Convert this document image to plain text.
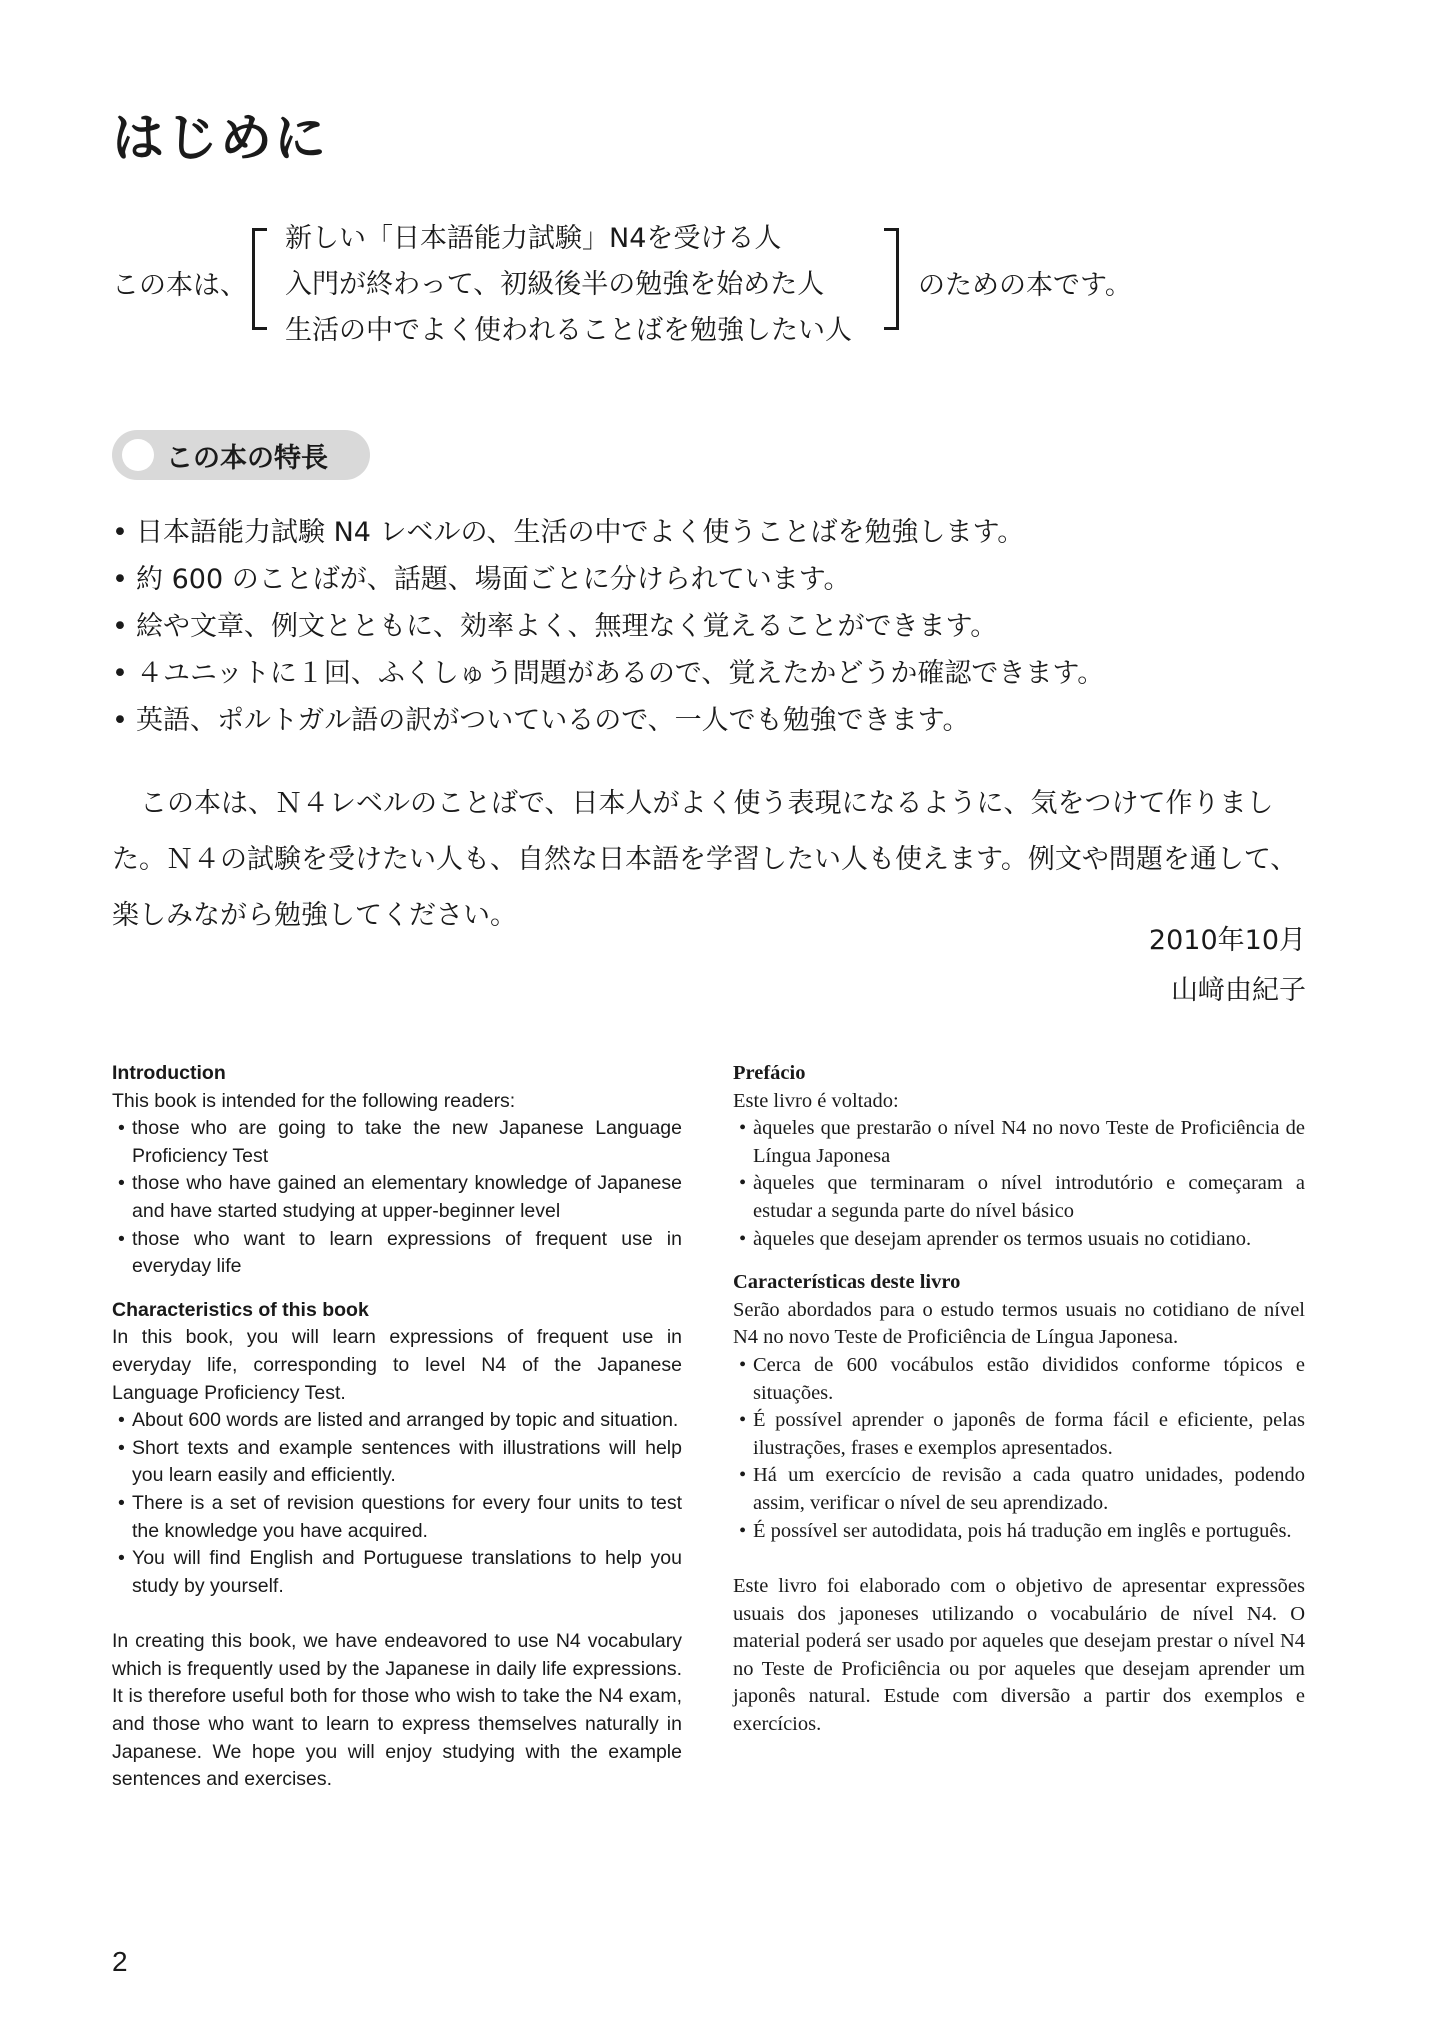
はじめに
この本は、
新しい「日本語能力試験」N4を受ける人
入門が終わって、初級後半の勉強を始めた人
生活の中でよく使われることばを勉強したい人
のための本です。
この本の特長
• 日本語能力試験 N4 レベルの、生活の中でよく使うことばを勉強します。
• 約 600 のことばが、話題、場面ごとに分けられています。
• 絵や文章、例文とともに、効率よく、無理なく覚えることができます。
• ４ユニットに１回、ふくしゅう問題があるので、覚えたかどうか確認できます。
• 英語、ポルトガル語の訳がついているので、一人でも勉強できます。
この本は、Ｎ４レベルのことばで、日本人がよく使う表現になるように、気をつけて作りました。Ｎ４の試験を受けたい人も、自然な日本語を学習したい人も使えます。例文や問題を通して、楽しみながら勉強してください。
2010年10月
山﨑由紀子
Introduction

This book is intended for the following readers:

• those who are going to take the new Japanese Language Proficiency Test
• those who have gained an elementary knowledge of Japanese and have started studying at upper-beginner level
• those who want to learn expressions of frequent use in everyday life
Characteristics of this book

In this book, you will learn expressions of frequent use in everyday life, corresponding to level N4 of the Japanese Language Proficiency Test.

• About 600 words are listed and arranged by topic and situation.
• Short texts and example sentences with illustrations will help you learn easily and efficiently.
• There is a set of revision questions for every four units to test the knowledge you have acquired.
• You will find English and Portuguese translations to help you study by yourself.

In creating this book, we have endeavored to use N4 vocabulary which is frequently used by the Japanese in daily life expressions. It is therefore useful both for those who wish to take the N4 exam, and those who want to learn to express themselves naturally in Japanese. We hope you will enjoy studying with the example sentences and exercises.

Prefácio

Este livro é voltado:

• àqueles que prestarão o nível N4 no novo Teste de Proficiência de Língua Japonesa
• àqueles que terminaram o nível introdutório e começaram a estudar a segunda parte do nível básico
• àqueles que desejam aprender os termos usuais no cotidiano.
Características deste livro

Serão abordados para o estudo termos usuais no cotidiano de nível N4 no novo Teste de Proficiência de Língua Japonesa.

• Cerca de 600 vocábulos estão divididos conforme tópicos e situações.
• É possível aprender o japonês de forma fácil e eficiente, pelas ilustrações, frases e exemplos apresentados.
• Há um exercício de revisão a cada quatro unidades, podendo assim, verificar o nível de seu aprendizado.
• É possível ser autodidata, pois há tradução em inglês e português.

Este livro foi elaborado com o objetivo de apresentar expressões usuais dos japoneses utilizando o vocabulário de nível N4. O material poderá ser usado por aqueles que desejam prestar o nível N4 no Teste de Proficiência ou por aqueles que desejam aprender um japonês natural. Estude com diversão a partir dos exemplos e exercícios.

2
